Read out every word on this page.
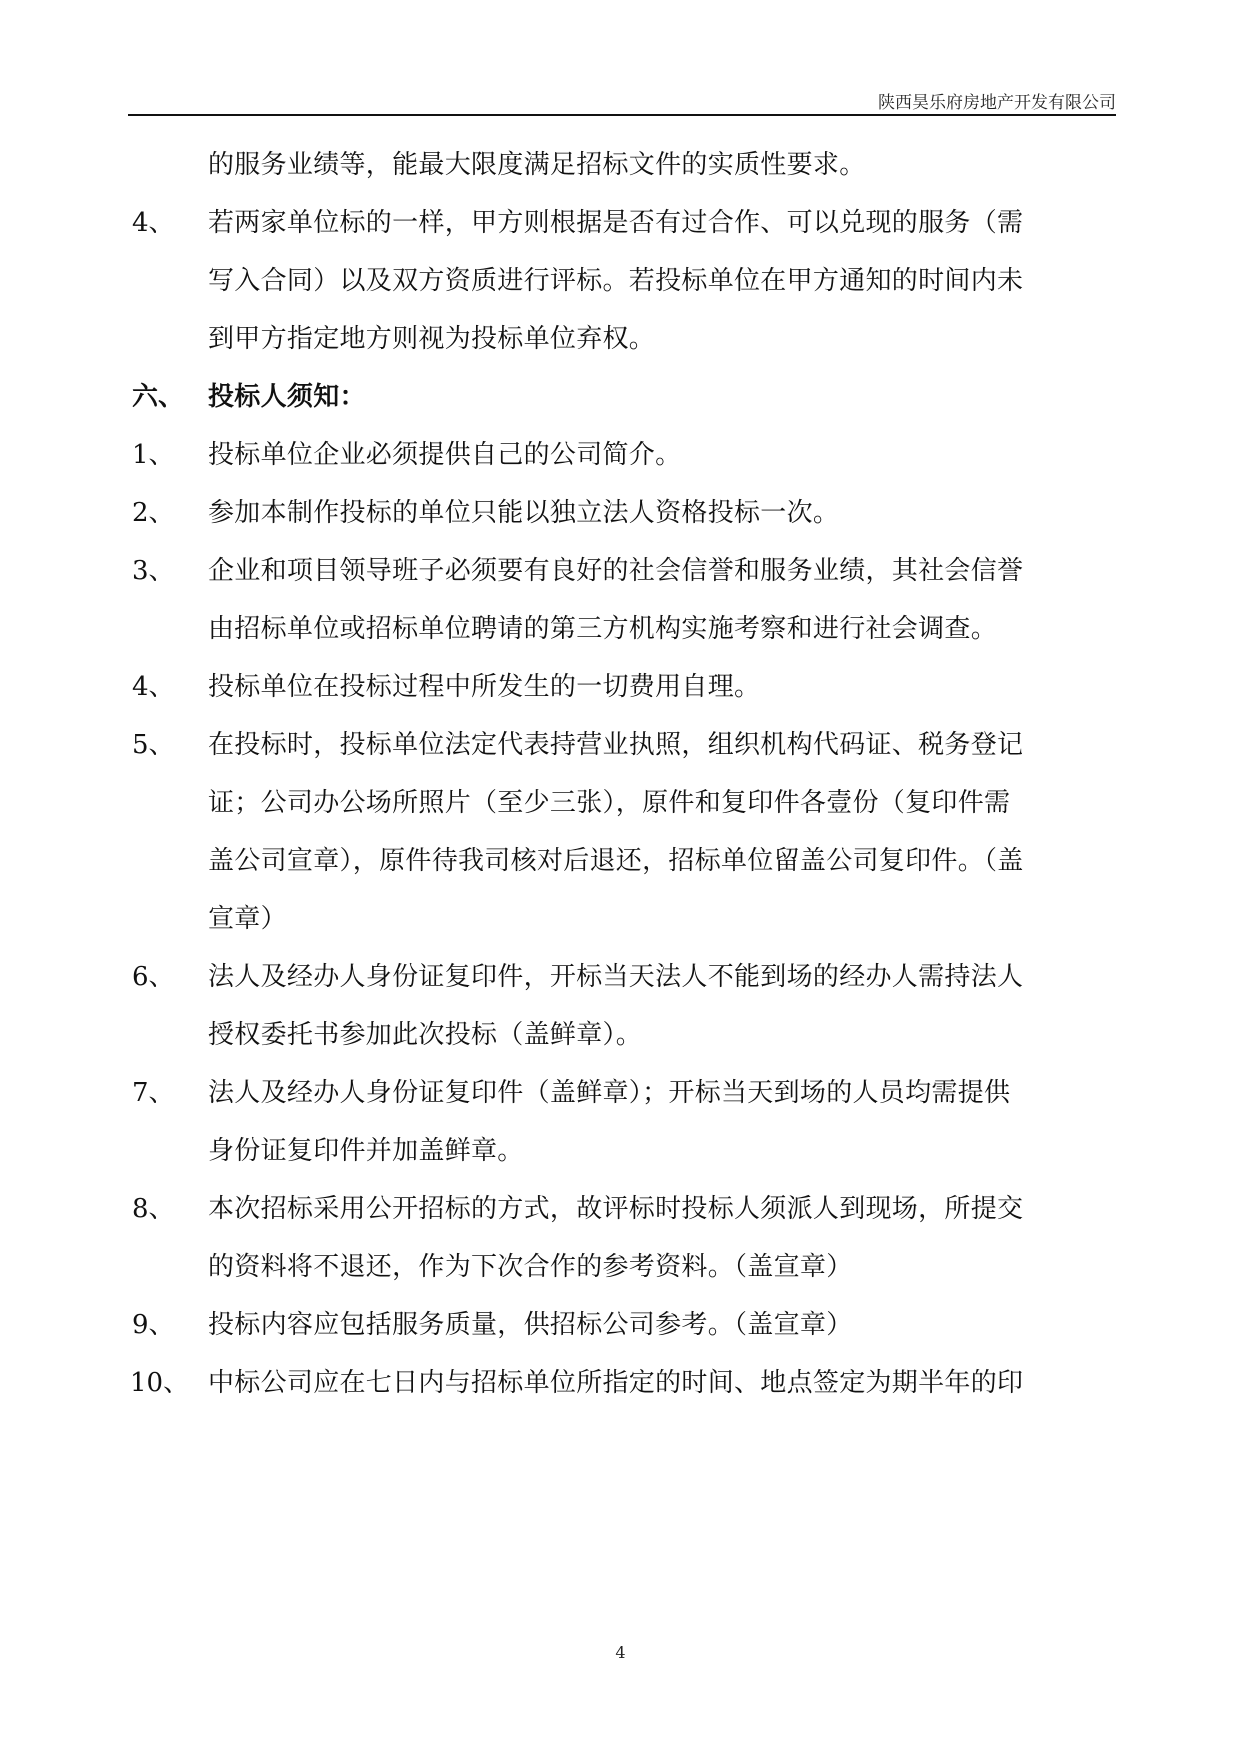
陕西昊乐府房地产开发有限公司
的服务业绩等，能最大限度满足招标文件的实质性要求。
4、 若两家单位标的一样，甲方则根据是否有过合作、可以兑现的服务（需
写入合同）以及双方资质进行评标。若投标单位在甲方通知的时间内未
到甲方指定地方则视为投标单位弃权。
六、 投标人须知：
1、 投标单位企业必须提供自己的公司简介。
2、 参加本制作投标的单位只能以独立法人资格投标一次。
3、 企业和项目领导班子必须要有良好的社会信誉和服务业绩，其社会信誉
由招标单位或招标单位聘请的第三方机构实施考察和进行社会调查。
4、 投标单位在投标过程中所发生的一切费用自理。
5、 在投标时，投标单位法定代表持营业执照，组织机构代码证、税务登记
证；公司办公场所照片（至少三张），原件和复印件各壹份（复印件需
盖公司宣章），原件待我司核对后退还，招标单位留盖公司复印件。（盖
宣章）
6、 法人及经办人身份证复印件，开标当天法人不能到场的经办人需持法人
授权委托书参加此次投标（盖鲜章）。
7、 法人及经办人身份证复印件（盖鲜章）；开标当天到场的人员均需提供
身份证复印件并加盖鲜章。
8、 本次招标采用公开招标的方式，故评标时投标人须派人到现场，所提交
的资料将不退还，作为下次合作的参考资料。（盖宣章）
9、 投标内容应包括服务质量，供招标公司参考。（盖宣章）
10、 中标公司应在七日内与招标单位所指定的时间、地点签定为期半年的印
4
